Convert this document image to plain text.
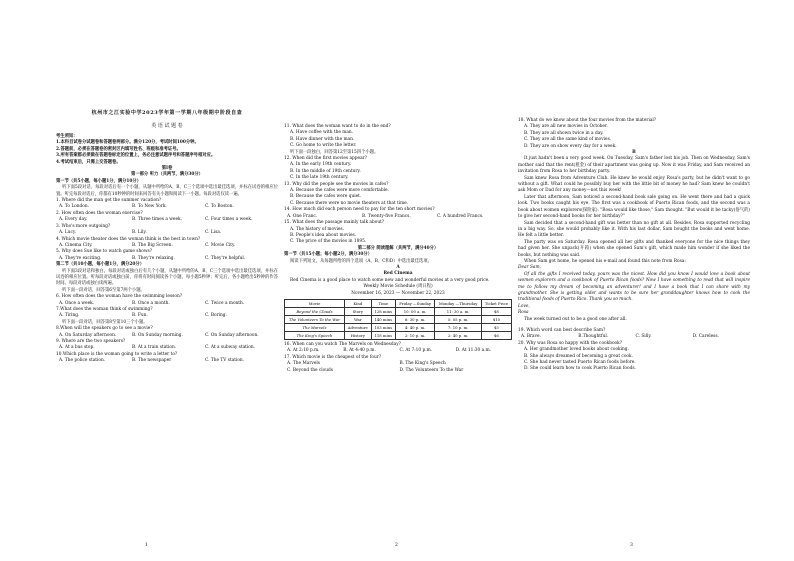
杭州市之江实验中学2023学年第一学期八年级期中阶段自查

英 语 试 题 卷

考生须知：

1.本科目试卷分试题卷和答题卷两部分。满分120分，考试时间100分钟。

2.答题前，必须在答题卷的密封区内填写姓名、班级和准考证号。

3.所有答案都必须做在答题卷标定的位置上，务必注意试题序号和答题序号相对应。

4.考试结束后，只需上交答题卷。

第Ⅰ卷

第一部分 听力（共两节，满分30分）

第一节（共5小题，每小题1分，满分10分）

听下面5段对话，每段对话后有一个小题，从题中所给的A、B、C三个选项中选出最佳选项，并标在试卷的相应位置。听完每段对话后，你都有10秒钟的时间来回答有关小题和阅读下一小题。每段对话仅读一遍。

1. Where did the man get the summer vacation?

A. To London.	B. To New York.	C. To Boston.

2. How often does the woman exercise?

A. Every day.	B. Three times a week.	C. Four times a week.

3. Who's more outgoing?

A. Lucy.	B. Lily.	C. Lisa.

4. Which movie theater does the woman think is the best in town?

A. Cinema City.	B. The Big Screen.	C. Movie City.

5. Why does Sue like to watch game shows?

A. They're exciting.	B. They're relaxing.	C. They're helpful.

第二节（共10小题，每小题1分，满分20分）

听下面3段对话和独白，每段对话或独白后有几个小题，从题中所给的A、B、C三个选项中选出最佳选项，并标在试卷的相应位置。听每段对话或独白前，你将有时间阅读各个小题，每小题5秒钟；听完后，各小题给出5秒钟的作答时间。每段对话或独白读两遍。

听下面一段对话，回答第6至第7两个小题。

6. How often does the woman have the swimming lesson?

A. Once a week.	B. Once a month.	C. Twice a month.

7.What does the woman think of swimming?

A. Tiring.	B. Fun.	C. Boring.

听下面一段对话，回答第8至第10三个小题。

8.When will the speakers go to see a movie?

A. On Saturday afternoon.	B. On Sunday morning.	C. On Sunday afternoon.

9. Where are the two speakers?

A. At a bus stop.	B. At a train station.	C. At a subway station.

10.Which place is the woman going to write a letter to?

A. The police station.	B. The newspaper	C. The TV station.
1

11. What does the woman want to do in the end?

A. Have coffee with the man.

B. Have dinner with the man.

C. Go home to write the letter.

听下面一段独白，回答第12至第15四个小题。

12. When did the first movies appear?

A. In the early 19th century.

B. In the middle of 19th century.

C. In the late 19th century.

13. Why did the people see the movies in cafes?

A. Because the cafes were more comfortable.

B. Because the cafes were quiet.

C. Because there were no movie theaters at that time.

14. How much did each person need to pay for the ten short movies?

A. One Franc.	B. Twenty-five Francs.	C. A hundred Francs.

15. What does the passage mainly talk about?

A. The history of movies.

B. People's idea about movies.

C. The price of the movies in 1895.

第二部分 阅读理解（共两节，满分40分）

第一节（共15小题；每小题2分，满分30分）

阅读下列短文，从每题所给的四个选项（A、B、C和D）中选出最佳选项。

A

Red Cinema

Red Cinema is a good place to watch some new and wonderful movies at a very good price.

Weekly Movie Schedule (周日程)

November 16, 2023 — November 22, 2023

Movie	Kind	Time	Friday —Sunday	Monday —Thursday	Ticket Price
Beyond the Clouds	Story	128 mins	10: 00 a. m.	11: 30 a. m.	$8
The Volunteers To the War	War	140 mins	6: 30 p. m.	5: 05 p. m.	$10
The Marvels	Adventure	103 mins	4: 40 p. m.	7: 10 p. m.	$5
The King's Speech	History	118 mins	2: 10 p. m.	2: 40 p. m.	$6

16. When can you watch The Marvels on Wednesday?

A. At 2:10 p.m.	B. At 4:40 p.m.	C. At 7:10 p.m.	D. At 11:30 a.m.

17. Which movie is the cheapest of the four?

A. The Marvels	B. The King's Speech
C. Beyond the clouds	D. The Volunteers To the War
2

18. What do we know about the four movies from the material?

A. They are all new movies in October.

B. They are all shown twice in a day.

C. They are all the same kind of movies.

D. They are on show every day for a week.

B

It just hadn't been a very good week. On Tuesday, Sam's father lost his job. Then on Wednesday, Sam's mother said that the rent(租金) of their apartment was going up. Now it was Friday, and Sam received an invitation from Rosa to her birthday party.

Sam knew Rosa from Adventure Club. He knew he would enjoy Rosa's party, but he didn't want to go without a gift. What could he possibly buy her with the little bit of money he had? Sam knew he couldn't ask Mom or Dad for any money—not this week!

Later that afternoon, Sam noticed a second-hand book sale going on. He went there and had a quick look. Two books caught his eye. The first was a cookbook of Puerto Rican foods, and the second was a book about women explorers(探险家). "Rosa would like those," Sam thought. "But would it be tacky(俗气的) to give her second-hand books for her birthday?"

Sam decided that a second-hand gift was better than no gift at all. Besides, Rosa supported recycling in a big way. So, she would probably like it. With his last dollar, Sam bought the books and went home. He felt a little better.

The party was on Saturday. Rosa opened all her gifts and thanked everyone for the nice things they had given her. She unpack(开箱) when she opened Sam's gift, which made him wonder if she liked the books, but nothing was said.

When Sam got home, he opened his e-mail and found this note from Rosa:

Dear Sam,

Of all the gifts I received today, yours was the nicest. How did you know I would love a book about women explorers and a cookbook of Puerto Rican foods? Now I have something to read that will inspire me to follow my dream of becoming an adventurer! and I have a book that I can share with my grandmother. She is getting older and wants to be sure her granddaughter knows how to cook the traditional foods of Puerto Rico. Thank you so much.

Love,

Rosa

The week turned out to be a good one after all.

19. Which word can best describe Sam?

A. Brave.	B.Thoughtful.	C. Silly.	D. Careless.

20. Why was Rosa so happy with the cookbook?

A. Her grandmother loved books about cooking.

B. She always dreamed of becoming a great cook.

C. She had never tasted Puerto Rican foods before.

D. She could learn how to cook Puerto Rican foods.

3
